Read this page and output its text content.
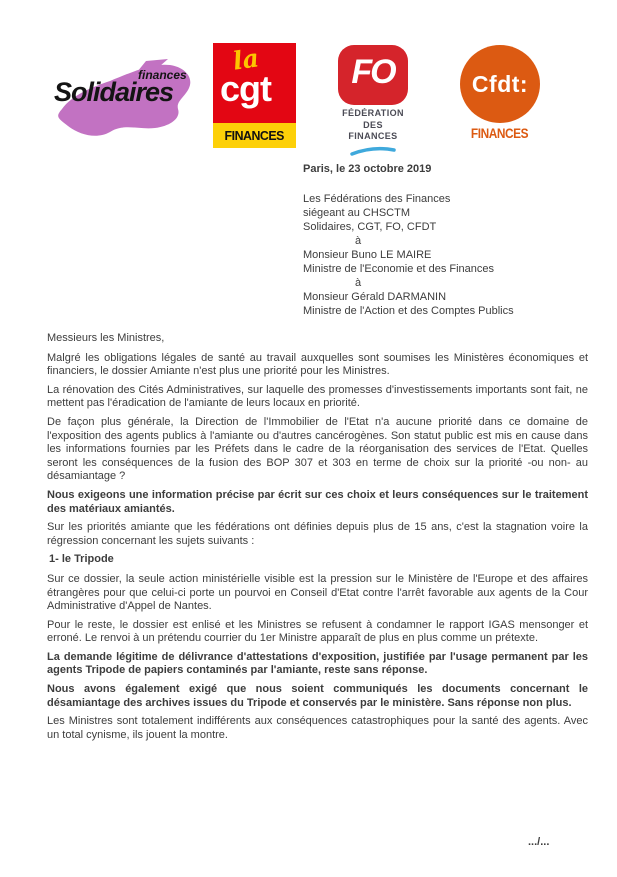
finances
Solidaires
la
cgt
FINANCES
FO
FÉDÉRATION
DES FINANCES
Cfdt:
FINANCES

Paris, le 23 octobre 2019

Les Fédérations des Finances

siégeant au CHSCTM

Solidaires, CGT, FO, CFDT

à

Monsieur Buno LE MAIRE

Ministre de l'Economie et des Finances

à

Monsieur Gérald DARMANIN

Ministre de l'Action et des Comptes Publics

Messieurs les Ministres,

Malgré les obligations légales de santé au travail auxquelles sont soumises les Ministères économiques et financiers, le dossier Amiante n'est plus une priorité pour les Ministres.

La rénovation des Cités Administratives, sur laquelle des promesses d'investissements importants sont fait, ne mettent pas l'éradication de l'amiante de leurs locaux en priorité.

De façon plus générale, la Direction de l'Immobilier de l'Etat n'a aucune priorité dans ce domaine de l'exposition des agents publics à l'amiante ou d'autres cancérogènes. Son statut public est mis en cause dans les informations fournies par les Préfets dans le cadre de la réorganisation des services de l'Etat. Quelles seront les conséquences de la fusion des BOP 307 et 303 en terme de choix sur la priorité -ou non- au désamiantage ?

Nous exigeons une information précise par écrit sur ces choix et leurs conséquences sur le traitement des matériaux amiantés.

Sur les priorités amiante que les fédérations ont définies depuis plus de 15 ans, c'est la stagnation voire la régression concernant les sujets suivants :

1- le Tripode

Sur ce dossier, la seule action ministérielle visible est la pression sur le Ministère de l'Europe et des affaires étrangères pour que celui-ci porte un pourvoi en Conseil d'Etat contre l'arrêt favorable aux agents de la Cour Administrative d'Appel de Nantes.

Pour le reste, le dossier est enlisé et les Ministres se refusent à condamner le rapport IGAS mensonger et erroné. Le renvoi à un prétendu courrier du 1er Ministre apparaît de plus en plus comme un prétexte.

La demande légitime de délivrance d'attestations d'exposition, justifiée par l'usage permanent par les agents Tripode de papiers contaminés par l'amiante, reste sans réponse.

Nous avons également exigé que nous soient communiqués les documents concernant le désamiantage des archives issues du Tripode et conservés par le ministère. Sans réponse non plus.

Les Ministres sont totalement indifférents aux conséquences catastrophiques pour la santé des agents. Avec un total cynisme, ils jouent la montre.

.../...
